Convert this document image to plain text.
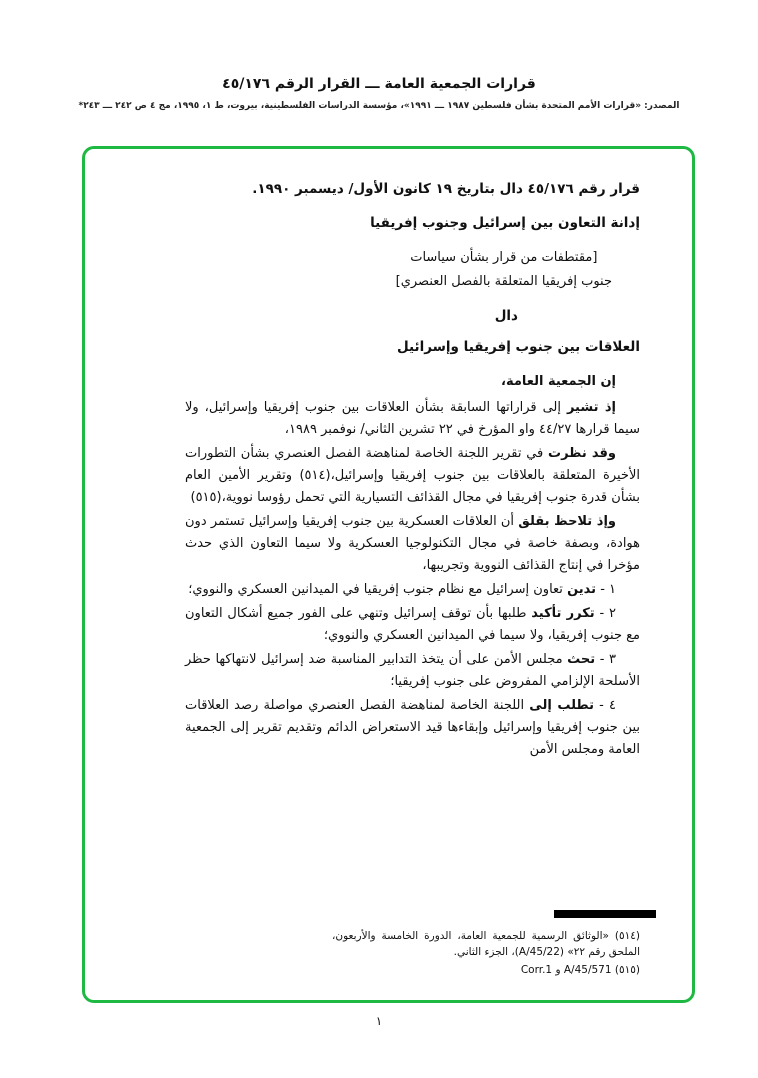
قرارات الجمعية العامة ـــ القرار الرقم ٤٥/١٧٦
المصدر: «قرارات الأمم المتحدة بشأن فلسطين ١٩٨٧ ـــ ١٩٩١»، مؤسسة الدراسات الفلسطينية، بيروت، ط ١، ١٩٩٥، مج ٤ ص ٢٤٢ ـــ ٢٤٣*

قرار رقم ٤٥/١٧٦ دال بتاريخ ١٩ كانون الأول/ ديسمبر ١٩٩٠.

إدانة التعاون بين إسرائيل وجنوب إفريقيا

[مقتطفات من قرار بشأن سياسات
جنوب إفريقيا المتعلقة بالفصل العنصري]

دال

العلاقات بين جنوب إفريقيا وإسرائيل

إن الجمعية العامة،

إذ تشير إلى قراراتها السابقة بشأن العلاقات بين جنوب إفريقيا وإسرائيل، ولا سيما قرارها ٤٤/٢٧ واو المؤرخ في ٢٢ تشرين الثاني/ نوفمبر ١٩٨٩،

وقد نظرت في تقرير اللجنة الخاصة لمناهضة الفصل العنصري بشأن التطورات الأخيرة المتعلقة بالعلاقات بين جنوب إفريقيا وإسرائيل،(٥١٤) وتقرير الأمين العام بشأن قدرة جنوب إفريقيا في مجال القذائف التسيارية التي تحمل رؤوسا نووية،(٥١٥)

وإذ تلاحظ بقلق أن العلاقات العسكرية بين جنوب إفريقيا وإسرائيل تستمر دون هوادة، وبصفة خاصة في مجال التكنولوجيا العسكرية ولا سيما التعاون الذي حدث مؤخرا في إنتاج القذائف النووية وتجريبها،

١ - تدين تعاون إسرائيل مع نظام جنوب إفريقيا في الميدانين العسكري والنووي؛

٢ - تكرر تأكيد طلبها بأن توقف إسرائيل وتنهي على الفور جميع أشكال التعاون مع جنوب إفريقيا، ولا سيما في الميدانين العسكري والنووي؛

٣ - تحث مجلس الأمن على أن يتخذ التدابير المناسبة ضد إسرائيل لانتهاكها حظر الأسلحة الإلزامي المفروض على جنوب إفريقيا؛

٤ - تطلب إلى اللجنة الخاصة لمناهضة الفصل العنصري مواصلة رصد العلاقات بين جنوب إفريقيا وإسرائيل وإبقاءها قيد الاستعراض الدائم وتقديم تقرير إلى الجمعية العامة ومجلس الأمن

(٥١٤) «الوثائق الرسمية للجمعية العامة، الدورة الخامسة والأربعون، الملحق رقم ٢٢» (A/45/22)، الجزء الثاني.

(٥١٥) A/45/571 و Corr.1

١
